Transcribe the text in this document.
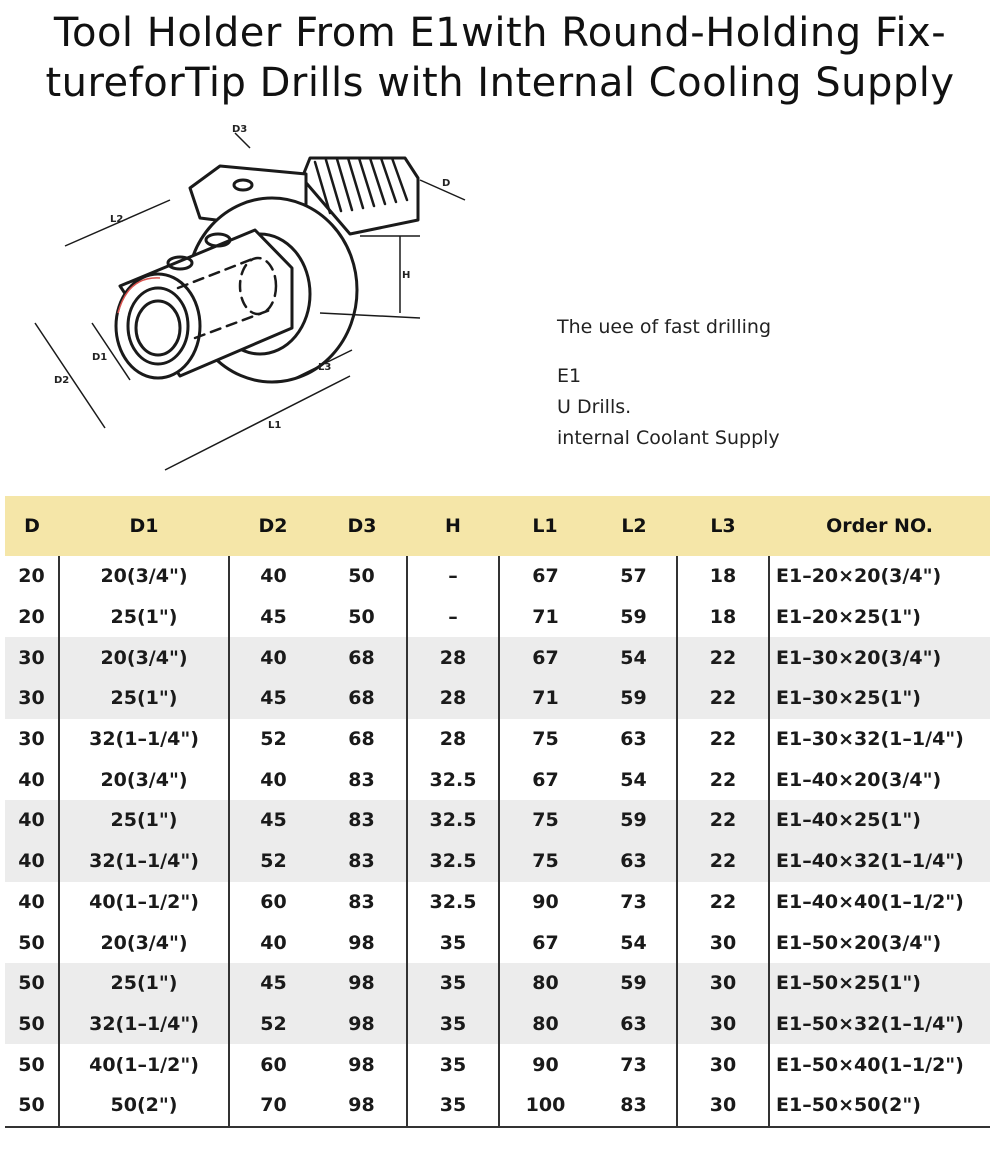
Tool Holder From E1with Round-Holding Fix-
tureforTip Drills with Internal Cooling Supply
D3
D
L2
H
D1
D2
L3
L1
The uee of fast drilling
E1
U Drills.
internal Coolant Supply
D	D1	D2	D3	H	L1	L2	L3	Order NO.
20	20(3/4")	40	50	–	67	57	18	E1–20×20(3/4")
20	25(1")	45	50	–	71	59	18	E1–20×25(1")
30	20(3/4")	40	68	28	67	54	22	E1–30×20(3/4")
30	25(1")	45	68	28	71	59	22	E1–30×25(1")
30	32(1–1/4")	52	68	28	75	63	22	E1–30×32(1–1/4")
40	20(3/4")	40	83	32.5	67	54	22	E1–40×20(3/4")
40	25(1")	45	83	32.5	75	59	22	E1–40×25(1")
40	32(1–1/4")	52	83	32.5	75	63	22	E1–40×32(1–1/4")
40	40(1–1/2")	60	83	32.5	90	73	22	E1–40×40(1–1/2")
50	20(3/4")	40	98	35	67	54	30	E1–50×20(3/4")
50	25(1")	45	98	35	80	59	30	E1–50×25(1")
50	32(1–1/4")	52	98	35	80	63	30	E1–50×32(1–1/4")
50	40(1–1/2")	60	98	35	90	73	30	E1–50×40(1–1/2")
50	50(2")	70	98	35	100	83	30	E1–50×50(2")
